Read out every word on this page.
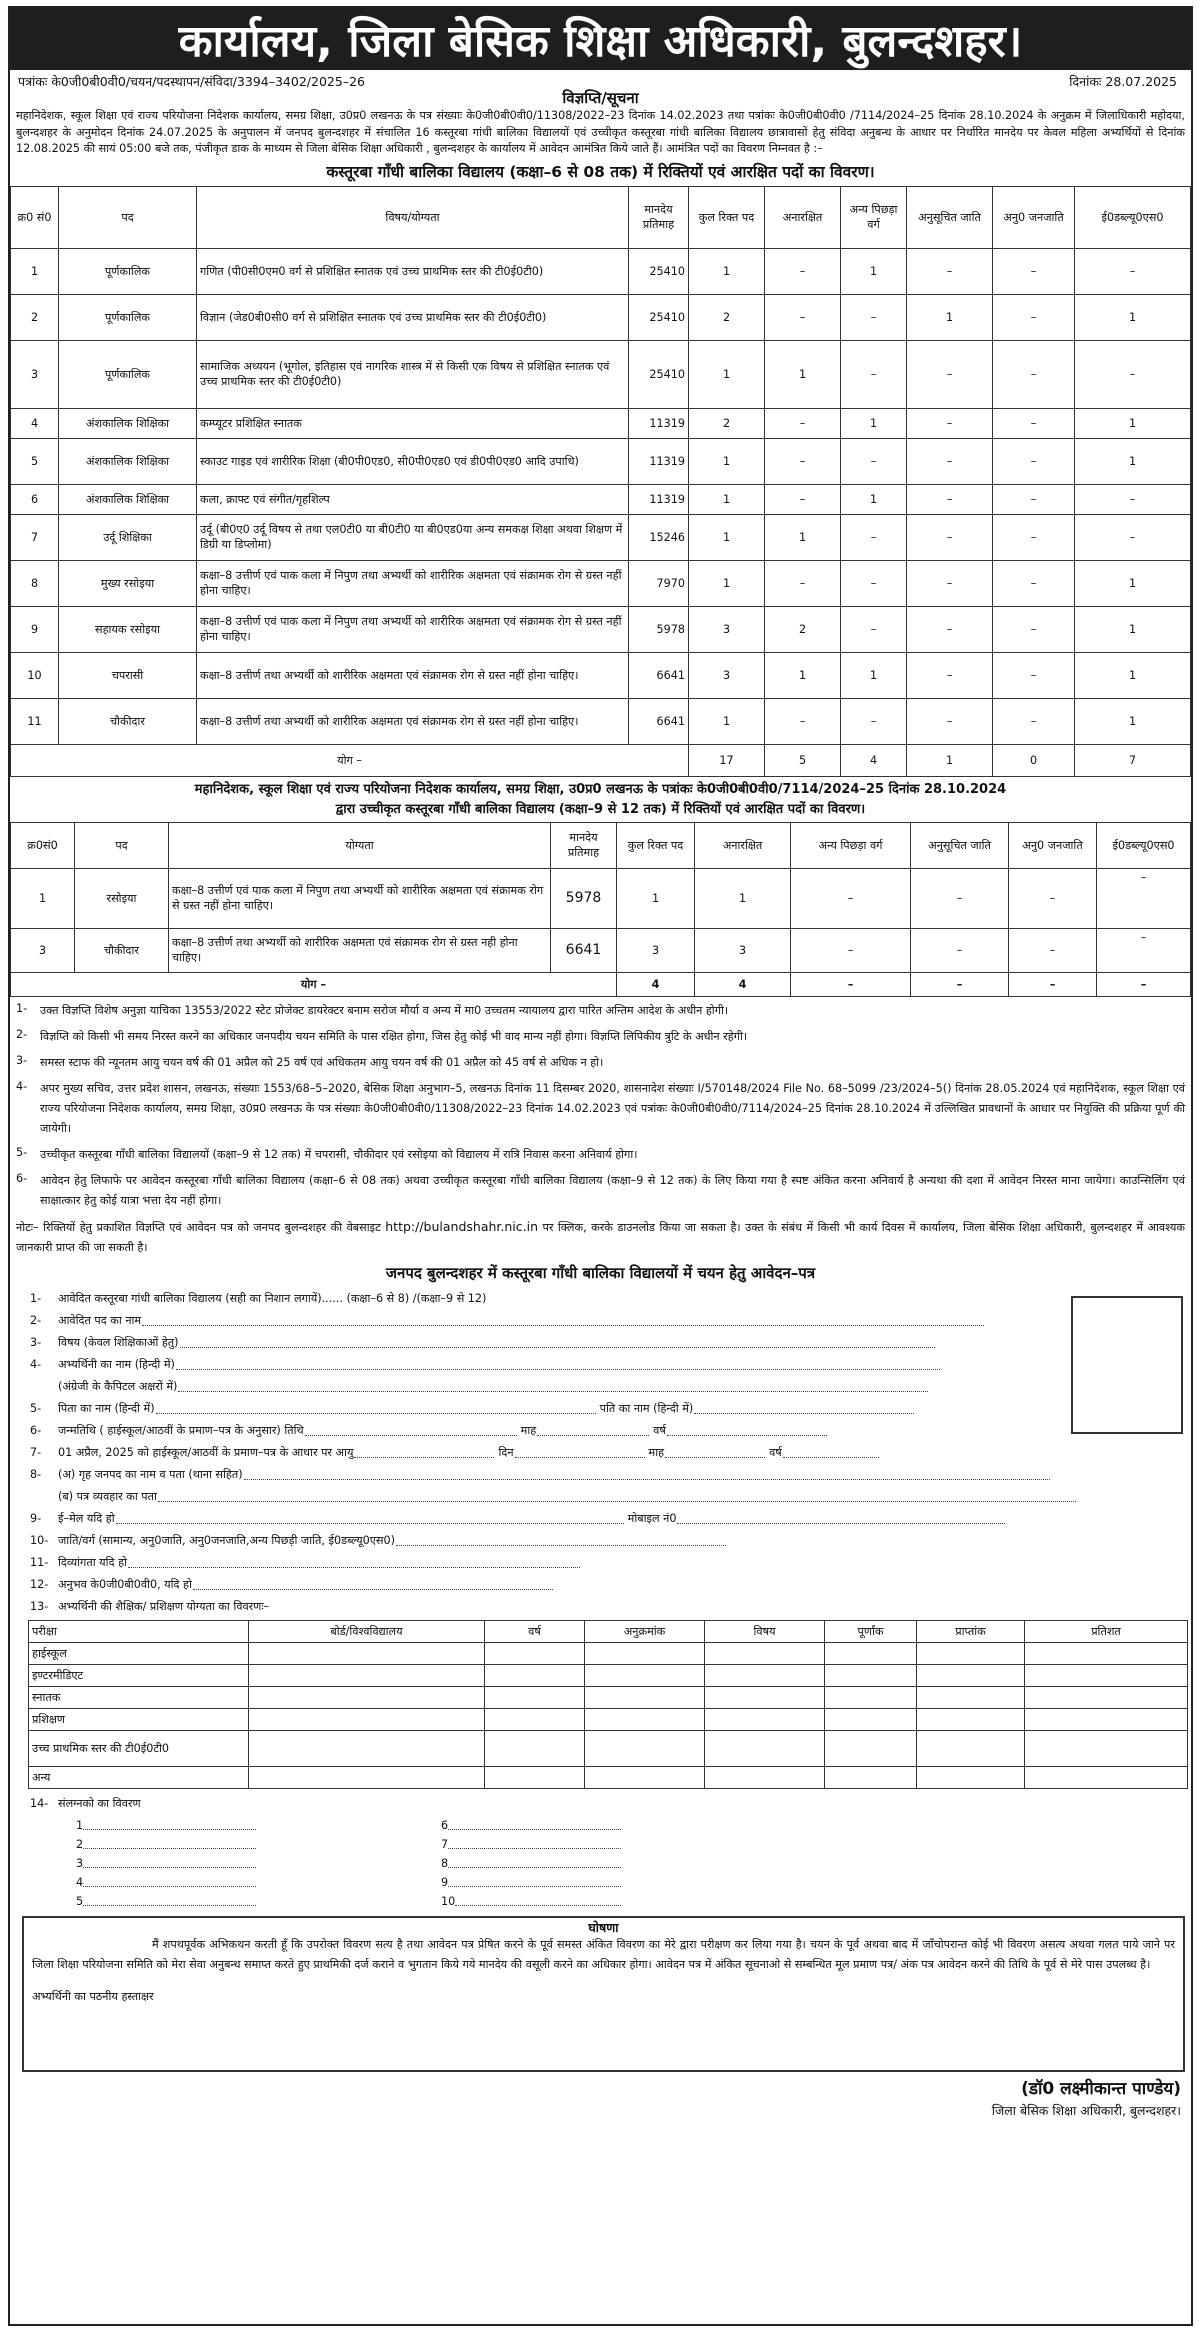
कार्यालय, जिला बेसिक शिक्षा अधिकारी, बुलन्दशहर।
पत्रांकः के0जी0बी0वी0/चयन/पदस्थापन/संविदा/3394–3402/2025–26	दिनांकः 28.07.2025
विज्ञप्ति/सूचना
महानिदेशक, स्कूल शिक्षा एवं राज्य परियोजना निदेशक कार्यालय, समग्र शिक्षा, उ0प्र0 लखनऊ के पत्र संख्याः के0जी0बी0वी0/11308/2022–23 दिनांक 14.02.2023 तथा पत्रांकः के0जी0बी0वी0 /7114/2024–25 दिनांक 28.10.2024 के अनुक्रम में जिलाधिकारी महोदया, बुलन्दशहर के अनुमोदन दिनांक 24.07.2025 के अनुपालन में जनपद बुलन्दशहर में संचालित 16 कस्तूरबा गांधी बालिका विद्यालयों एवं उच्चीकृत कस्तूरबा गांधी बालिका विद्यालय छात्रावासों हेतु संविदा अनुबन्ध के आधार पर निर्धारित मानदेय पर केवल महिला अभ्यर्थियों से दिनांक 12.08.2025 की सायं 05:00 बजे तक, पंजीकृत डाक के माध्यम से जिला बेसिक शिक्षा अधिकारी , बुलन्दशहर के कार्यालय में आवेदन आमंत्रित किये जाते हैं। आमंत्रित पदों का विवरण निम्नवत है :–
कस्तूरबा गाँधी बालिका विद्यालय (कक्षा–6 से 08 तक) में रिक्तियों एवं आरक्षित पदों का विवरण।
क्र0 सं0	पद	विषय/योग्यता	मानदेय प्रतिमाह	कुल रिक्त पद	अनारक्षित	अन्य पिछड़ा वर्ग	अनुसूचित जाति	अनु0 जनजाति	ई0डब्ल्यू0एस0
1	पूर्णकालिक	गणित (पी0सी0एम0 वर्ग से प्रशिक्षित स्नातक एवं उच्च प्राथमिक स्तर की टी0ई0टी0)	25410	1	–	1	–	–	–
2	पूर्णकालिक	विज्ञान (जेड0बी0सी0 वर्ग से प्रशिक्षित स्नातक एवं उच्च प्राथमिक स्तर की टी0ई0टी0)	25410	2	–	–	1	–	1
3	पूर्णकालिक	सामाजिक अध्ययन (भूगोल, इतिहास एवं नागरिक शास्त्र में से किसी एक विषय से प्रशिक्षित स्नातक एवं उच्च प्राथमिक स्तर की टी0ई0टी0)	25410	1	1	–	–	–	–
4	अंशकालिक शिक्षिका	कम्प्यूटर प्रशिक्षित स्नातक	11319	2	–	1	–	–	1
5	अंशकालिक शिक्षिका	स्काउट गाइड एवं शारीरिक शिक्षा (बी0पी0एड0, सी0पी0एड0 एवं डी0पी0एड0 आदि उपाधि)	11319	1	–	–	–	–	1
6	अंशकालिक शिक्षिका	कला, क्राफ्ट एवं संगीत/गृहशिल्प	11319	1	–	1	–	–	–
7	उर्दू शिक्षिका	उर्दू (बी0ए0 उर्दू विषय से तथा एल0टी0 या बी0टी0 या बी0एड0या अन्य समकक्ष शिक्षा अथवा शिक्षण में डिग्री या डिप्लोमा)	15246	1	1	–	–	–	–
8	मुख्य रसोइया	कक्षा–8 उत्तीर्ण एवं पाक कला में निपुण तथा अभ्यर्थी को शारीरिक अक्षमता एवं संक्रामक रोग से ग्रस्त नहीं होना चाहिए।	7970	1	–	–	–	–	1
9	सहायक रसोइया	कक्षा–8 उत्तीर्ण एवं पाक कला में निपुण तथा अभ्यर्थी को शारीरिक अक्षमता एवं संक्रामक रोग से ग्रस्त नहीं होना चाहिए।	5978	3	2	–	–	–	1
10	चपरासी	कक्षा–8 उत्तीर्ण तथा अभ्यर्थी को शारीरिक अक्षमता एवं संक्रामक रोग से ग्रस्त नहीं होना चाहिए।	6641	3	1	1	–	–	1
11	चौकीदार	कक्षा–8 उत्तीर्ण तथा अभ्यर्थी को शारीरिक अक्षमता एवं संक्रामक रोग से ग्रस्त नहीं होना चाहिए।	6641	1	–	–	–	–	1
योग –				17	5	4	1	0	7
महानिदेशक, स्कूल शिक्षा एवं राज्य परियोजना निदेशक कार्यालय, समग्र शिक्षा, उ0प्र0 लखनऊ के पत्रांकः के0जी0बी0वी0/7114/2024–25 दिनांक 28.10.2024
द्वारा उच्चीकृत कस्तूरबा गाँधी बालिका विद्यालय (कक्षा–9 से 12 तक) में रिक्तियों एवं आरक्षित पदों का विवरण।
क्र0सं0	पद	योग्यता	मानदेय प्रतिमाह	कुल रिक्त पद	अनारक्षित	अन्य पिछड़ा वर्ग	अनुसूचित जाति	अनु0 जनजाति	ई0डब्ल्यू0एस0
1	रसोइया	कक्षा–8 उत्तीर्ण एवं पाक कला में निपुण तथा अभ्यर्थी को शारीरिक अक्षमता एवं संक्रामक रोग से ग्रस्त नहीं होना चाहिए।	5978	1	1	–	–	–	–
3	चौकीदार	कक्षा–8 उत्तीर्ण तथा अभ्यर्थी को शारीरिक अक्षमता एवं संक्रामक रोग से ग्रस्त नही होना चाहिए।	6641	3	3	–	–	–	–
योग –				4	4	–	–	–	–
1-	उक्त विज्ञप्ति विशेष अनुज्ञा याचिका 13553/2022 स्टेट प्रोजेक्ट डायरेक्टर बनाम सरोज मौर्या व अन्य में मा0 उच्चतम न्यायालय द्वारा पारित अन्तिम आदेश के अधीन होगी।
2-	विज्ञप्ति को किसी भी समय निरस्त करने का अधिकार जनपदीय चयन समिति के पास रक्षित होगा, जिस हेतु कोई भी वाद मान्य नहीं होगा। विज्ञप्ति लिपिकीय त्रुटि के अधीन रहेगी।
3-	समस्त स्टाफ की न्यूनतम आयु चयन वर्ष की 01 अप्रैल को 25 वर्ष एवं अधिकतम आयु चयन वर्ष की 01 अप्रैल को 45 वर्ष से अधिक न हो।
4-	अपर मुख्य सचिव, उत्तर प्रदेश शासन, लखनऊ, संख्याः 1553/68–5–2020, बेसिक शिक्षा अनुभाग–5, लखनऊ दिनांक 11 दिसम्बर 2020, शासनादेश संख्याः I/570148/2024 File No. 68–5099 /23/2024–5() दिनांक 28.05.2024 एवं महानिदेशक, स्कूल शिक्षा एवं राज्य परियोजना निदेशक कार्यालय, समग्र शिक्षा, उ0प्र0 लखनऊ के पत्र संख्याः के0जी0बी0वी0/11308/2022–23 दिनांक 14.02.2023 एवं पत्रांकः के0जी0बी0वी0/7114/2024–25 दिनांक 28.10.2024 में उल्लिखित प्रावधानों के आधार पर नियुक्ति की प्रक्रिया पूर्ण की जायेगी।
5-	उच्चीकृत कस्तूरबा गाँधी बालिका विद्यालयों (कक्षा–9 से 12 तक) में चपरासी, चौकीदार एवं रसोइया को विद्यालय में रात्रि निवास करना अनिवार्य होगा।
6-	आवेदन हेतु लिफाफे पर आवेदन कस्तूरबा गाँधी बालिका विद्यालय (कक्षा–6 से 08 तक) अथवा उच्चीकृत कस्तूरबा गाँधी बालिका विद्यालय (कक्षा–9 से 12 तक) के लिए किया गया है स्पष्ट अंकित करना अनिवार्य है अन्यथा की दशा में आवेदन निरस्त माना जायेगा। काउन्सिलिंग एवं साक्षात्कार हेतु कोई यात्रा भत्ता देय नहीं होगा।
नोटः– रिक्तियों हेतु प्रकाशित विज्ञप्ति एवं आवेदन पत्र को जनपद बुलन्दशहर की वेबसाइट http://bulandshahr.nic.in पर क्लिक, करके डाउनलोड किया जा सकता है। उक्त के संबंध में किसी भी कार्य दिवस में कार्यालय, जिला बेसिक शिक्षा अधिकारी, बुलन्दशहर में आवश्यक जानकारी प्राप्त की जा सकती है।
जनपद बुलन्दशहर में कस्तूरबा गाँधी बालिका विद्यालयों में चयन हेतु आवेदन–पत्र
1-	आवेदित कस्तूरबा गांधी बालिका विद्यालय (सही का निशान लगायें)...... (कक्षा–6 से 8) /(कक्षा–9 से 12)
2-	आवेदित पद का नाम
3-	विषय (केवल शिक्षिकाओं हेतु)
4-	अभ्यर्थिनी का नाम (हिन्दी में)
(अंग्रेजी के कैपिटल अक्षरों में)
5-	पिता का नाम (हिन्दी में)	पति का नाम (हिन्दी में)
6-	जन्मतिथि ( हाईस्कूल/आठवीं के प्रमाण–पत्र के अनुसार) तिथि	माह	वर्ष
7-	01 अप्रैल, 2025 को हाईस्कूल/आठवीं के प्रमाण–पत्र के आधार पर आयु	दिन	माह	वर्ष
8-	(अ) गृह जनपद का नाम व पता (थाना सहित)
(ब) पत्र व्यवहार का पता
9-	ई–मेल यदि हो	मोबाइल नं0
10- जाति/वर्ग (सामान्य, अनु0जाति, अनु0जनजाति,अन्य पिछड़ी जाति, ई0डब्ल्यू0एस0)
11- दिव्यांगता यदि हो
12- अनुभव के0जी0बी0वी0, यदि हो
13- अभ्यर्थिनी की शैक्षिक/ प्रशिक्षण योग्यता का विवरणः–
परीक्षा	बोर्ड/विश्वविद्यालय	वर्ष	अनुक्रमांक	विषय	पूर्णांक	प्राप्तांक	प्रतिशत
हाईस्कूल							
इण्टरमीडिएट							
स्नातक							
प्रशिक्षण							
उच्च प्राथमिक स्तर की टी0ई0टी0							
अन्य							
14- संलग्नको का विवरण
1	6
2	7
3	8
4	9
5	10
घोषणा
मैं शपथपूर्वक अभिकथन करती हूँ कि उपरोक्त विवरण सत्य है तथा आवेदन पत्र प्रेषित करने के पूर्व समस्त अंकित विवरण का मेरे द्वारा परीक्षण कर लिया गया है। चयन के पूर्व अथवा बाद में जाँचोपरान्त कोई भी विवरण असत्य अथवा गलत पाये जाने पर जिला शिक्षा परियोजना समिति को मेरा सेवा अनुबन्ध समाप्त करते हुए प्राथमिकी दर्ज कराने व भुगतान किये गये मानदेय की वसूली करने का अधिकार होगा। आवेदन पत्र में अंकित सूचनाओ से सम्बन्धित मूल प्रमाण पत्र/ अंक पत्र आवेदन करने की तिथि के पूर्व से मेरे पास उपलब्ध है।
अभ्यर्थिनी का पठनीय हस्ताक्षर
(डॉ0 लक्ष्मीकान्त पाण्डेय)
जिला बेसिक शिक्षा अधिकारी, बुलन्दशहर।
